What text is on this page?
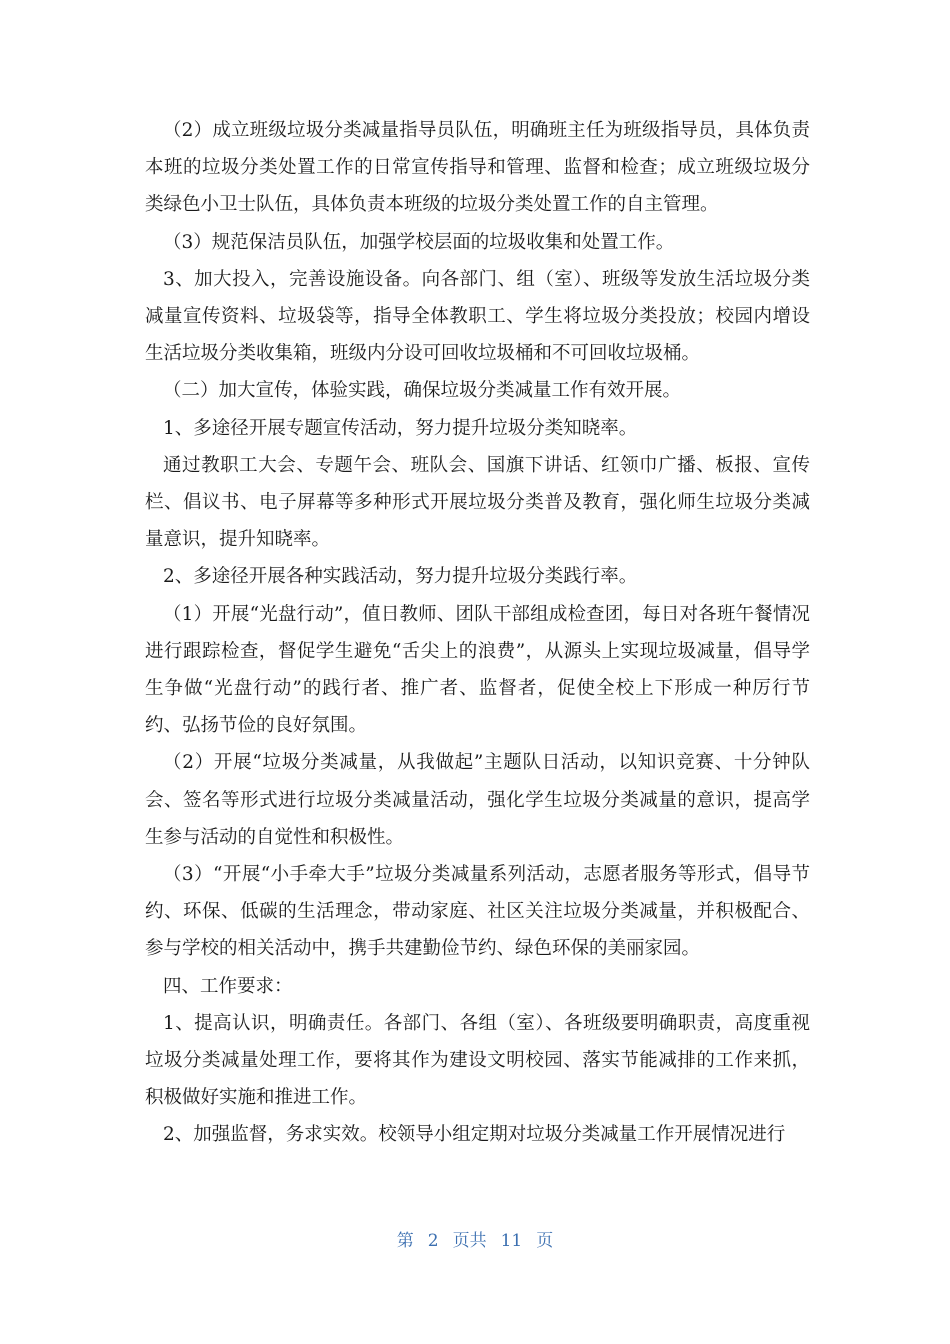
（2）成立班级垃圾分类减量指导员队伍，明确班主任为班级指导员，具体负责本班的垃圾分类处置工作的日常宣传指导和管理、监督和检查；成立班级垃圾分类绿色小卫士队伍，具体负责本班级的垃圾分类处置工作的自主管理。

（3）规范保洁员队伍，加强学校层面的垃圾收集和处置工作。

3、加大投入，完善设施设备。向各部门、组（室）、班级等发放生活垃圾分类减量宣传资料、垃圾袋等，指导全体教职工、学生将垃圾分类投放；校园内增设生活垃圾分类收集箱，班级内分设可回收垃圾桶和不可回收垃圾桶。

（二）加大宣传，体验实践，确保垃圾分类减量工作有效开展。

1、多途径开展专题宣传活动，努力提升垃圾分类知晓率。

通过教职工大会、专题午会、班队会、国旗下讲话、红领巾广播、板报、宣传栏、倡议书、电子屏幕等多种形式开展垃圾分类普及教育，强化师生垃圾分类减量意识，提升知晓率。

2、多途径开展各种实践活动，努力提升垃圾分类践行率。

（1）开展“光盘行动”，值日教师、团队干部组成检查团，每日对各班午餐情况进行跟踪检查，督促学生避免“舌尖上的浪费”，从源头上实现垃圾减量，倡导学生争做“光盘行动”的践行者、推广者、监督者，促使全校上下形成一种厉行节约、弘扬节俭的良好氛围。

（2）开展“垃圾分类减量，从我做起”主题队日活动，以知识竞赛、十分钟队会、签名等形式进行垃圾分类减量活动，强化学生垃圾分类减量的意识，提高学生参与活动的自觉性和积极性。

（3）“开展“小手牵大手”垃圾分类减量系列活动，志愿者服务等形式，倡导节约、环保、低碳的生活理念，带动家庭、社区关注垃圾分类减量，并积极配合、参与学校的相关活动中，携手共建勤俭节约、绿色环保的美丽家园。

四、工作要求：

1、提高认识，明确责任。各部门、各组（室）、各班级要明确职责，高度重视垃圾分类减量处理工作，要将其作为建设文明校园、落实节能减排的工作来抓，积极做好实施和推进工作。

2、加强监督，务求实效。校领导小组定期对垃圾分类减量工作开展情况进行

第 2 页共 11 页
